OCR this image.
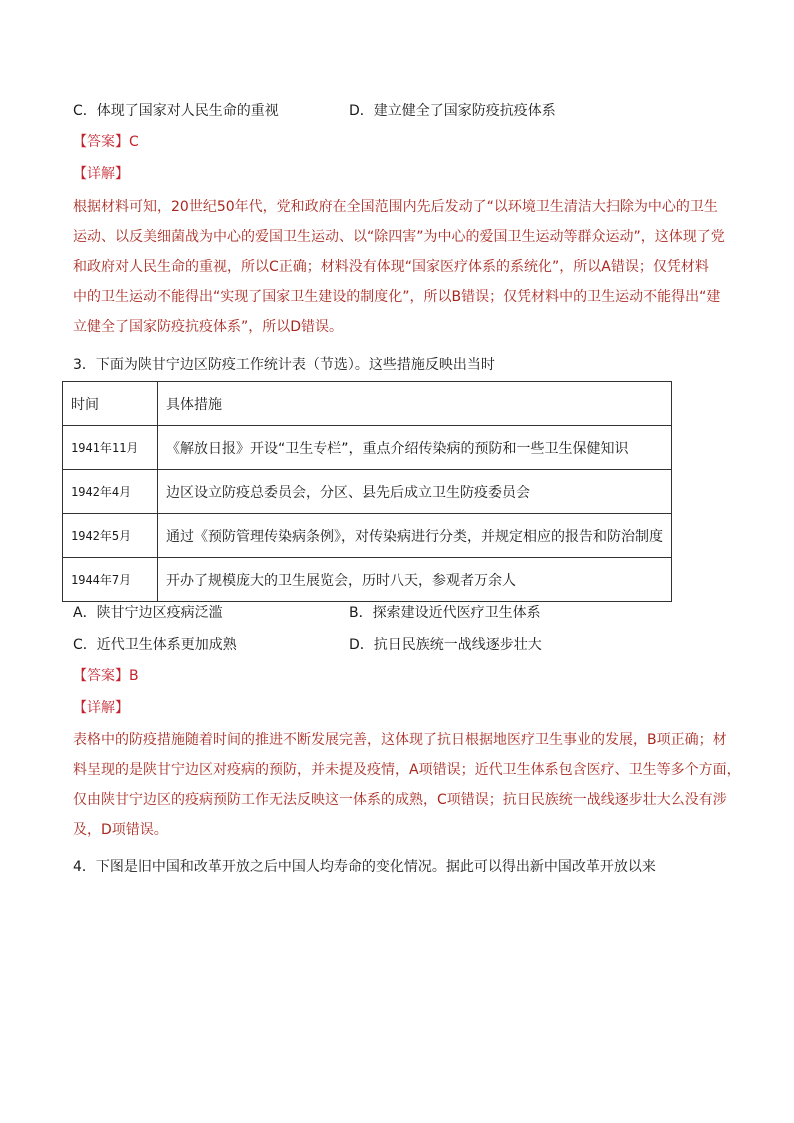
C．体现了国家对人民生命的重视	D．建立健全了国家防疫抗疫体系
【答案】C
【详解】
根据材料可知，20世纪50年代，党和政府在全国范围内先后发动了“以环境卫生清洁大扫除为中心的卫生
运动、以反美细菌战为中心的爱国卫生运动、以“除四害”为中心的爱国卫生运动等群众运动”，这体现了党
和政府对人民生命的重视，所以C正确；材料没有体现“国家医疗体系的系统化”，所以A错误；仅凭材料
中的卫生运动不能得出“实现了国家卫生建设的制度化”，所以B错误；仅凭材料中的卫生运动不能得出“建
立健全了国家防疫抗疫体系”，所以D错误。
3．下面为陕甘宁边区防疫工作统计表（节选）。这些措施反映出当时
时间	具体措施
1941年11月	《解放日报》开设“卫生专栏”，重点介绍传染病的预防和一些卫生保健知识
1942年4月	边区设立防疫总委员会，分区、县先后成立卫生防疫委员会
1942年5月	通过《预防管理传染病条例》，对传染病进行分类，并规定相应的报告和防治制度
1944年7月	开办了规模庞大的卫生展览会，历时八天，参观者万余人
A．陕甘宁边区疫病泛滥	B．探索建设近代医疗卫生体系
C．近代卫生体系更加成熟	D．抗日民族统一战线逐步壮大
【答案】B
【详解】
表格中的防疫措施随着时间的推进不断发展完善，这体现了抗日根据地医疗卫生事业的发展，B项正确；材
料呈现的是陕甘宁边区对疫病的预防，并未提及疫情，A项错误；近代卫生体系包含医疗、卫生等多个方面，
仅由陕甘宁边区的疫病预防工作无法反映这一体系的成熟，C项错误；抗日民族统一战线逐步壮大么没有涉
及，D项错误。
4．下图是旧中国和改革开放之后中国人均寿命的变化情况。据此可以得出新中国改革开放以来
